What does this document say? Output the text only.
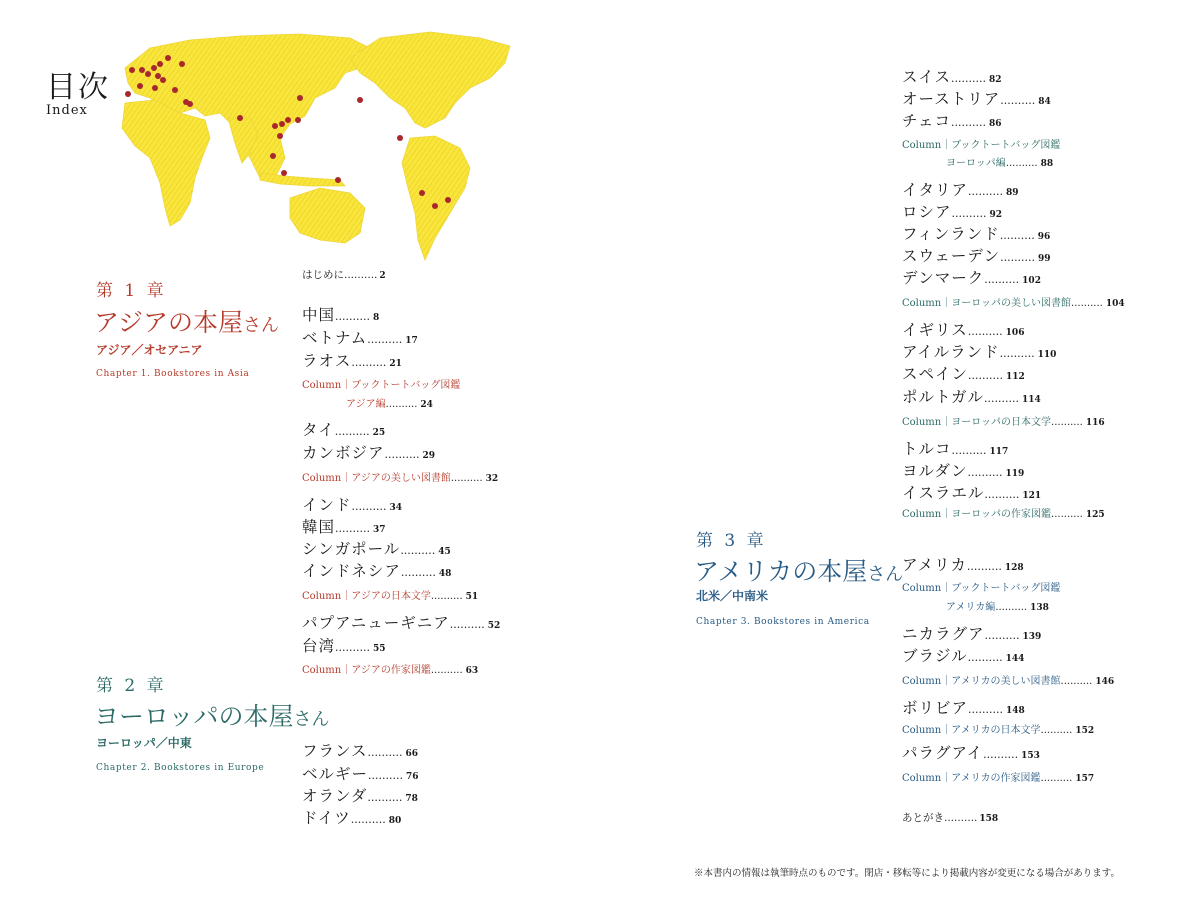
目次
Index
第 1 章
アジアの本屋さん
アジア／オセアニア
Chapter 1. Bookstores in Asia
第 2 章
ヨーロッパの本屋さん
ヨーロッパ／中東
Chapter 2. Bookstores in Europe
第 3 章
アメリカの本屋さん
北米／中南米
Chapter 3. Bookstores in America
はじめに.......... 2
中国.......... 8
ベトナム.......... 17
ラオス.......... 21
Column｜ブックトートバッグ図鑑
アジア編.......... 24
タイ.......... 25
カンボジア.......... 29
Column｜アジアの美しい図書館.......... 32
インド.......... 34
韓国.......... 37
シンガポール.......... 45
インドネシア.......... 48
Column｜アジアの日本文学.......... 51
パプアニューギニア.......... 52
台湾.......... 55
Column｜アジアの作家図鑑.......... 63
フランス.......... 66
ベルギー.......... 76
オランダ.......... 78
ドイツ.......... 80
スイス.......... 82
オーストリア.......... 84
チェコ.......... 86
Column｜ブックトートバッグ図鑑
ヨーロッパ編.......... 88
イタリア.......... 89
ロシア.......... 92
フィンランド.......... 96
スウェーデン.......... 99
デンマーク.......... 102
Column｜ヨーロッパの美しい図書館.......... 104
イギリス.......... 106
アイルランド.......... 110
スペイン.......... 112
ポルトガル.......... 114
Column｜ヨーロッパの日本文学.......... 116
トルコ.......... 117
ヨルダン.......... 119
イスラエル.......... 121
Column｜ヨーロッパの作家図鑑.......... 125
アメリカ.......... 128
Column｜ブックトートバッグ図鑑
アメリカ編.......... 138
ニカラグア.......... 139
ブラジル.......... 144
Column｜アメリカの美しい図書館.......... 146
ボリビア.......... 148
Column｜アメリカの日本文学.......... 152
パラグアイ.......... 153
Column｜アメリカの作家図鑑.......... 157
あとがき.......... 158
※本書内の情報は執筆時点のものです。閉店・移転等により掲載内容が変更になる場合があります。
